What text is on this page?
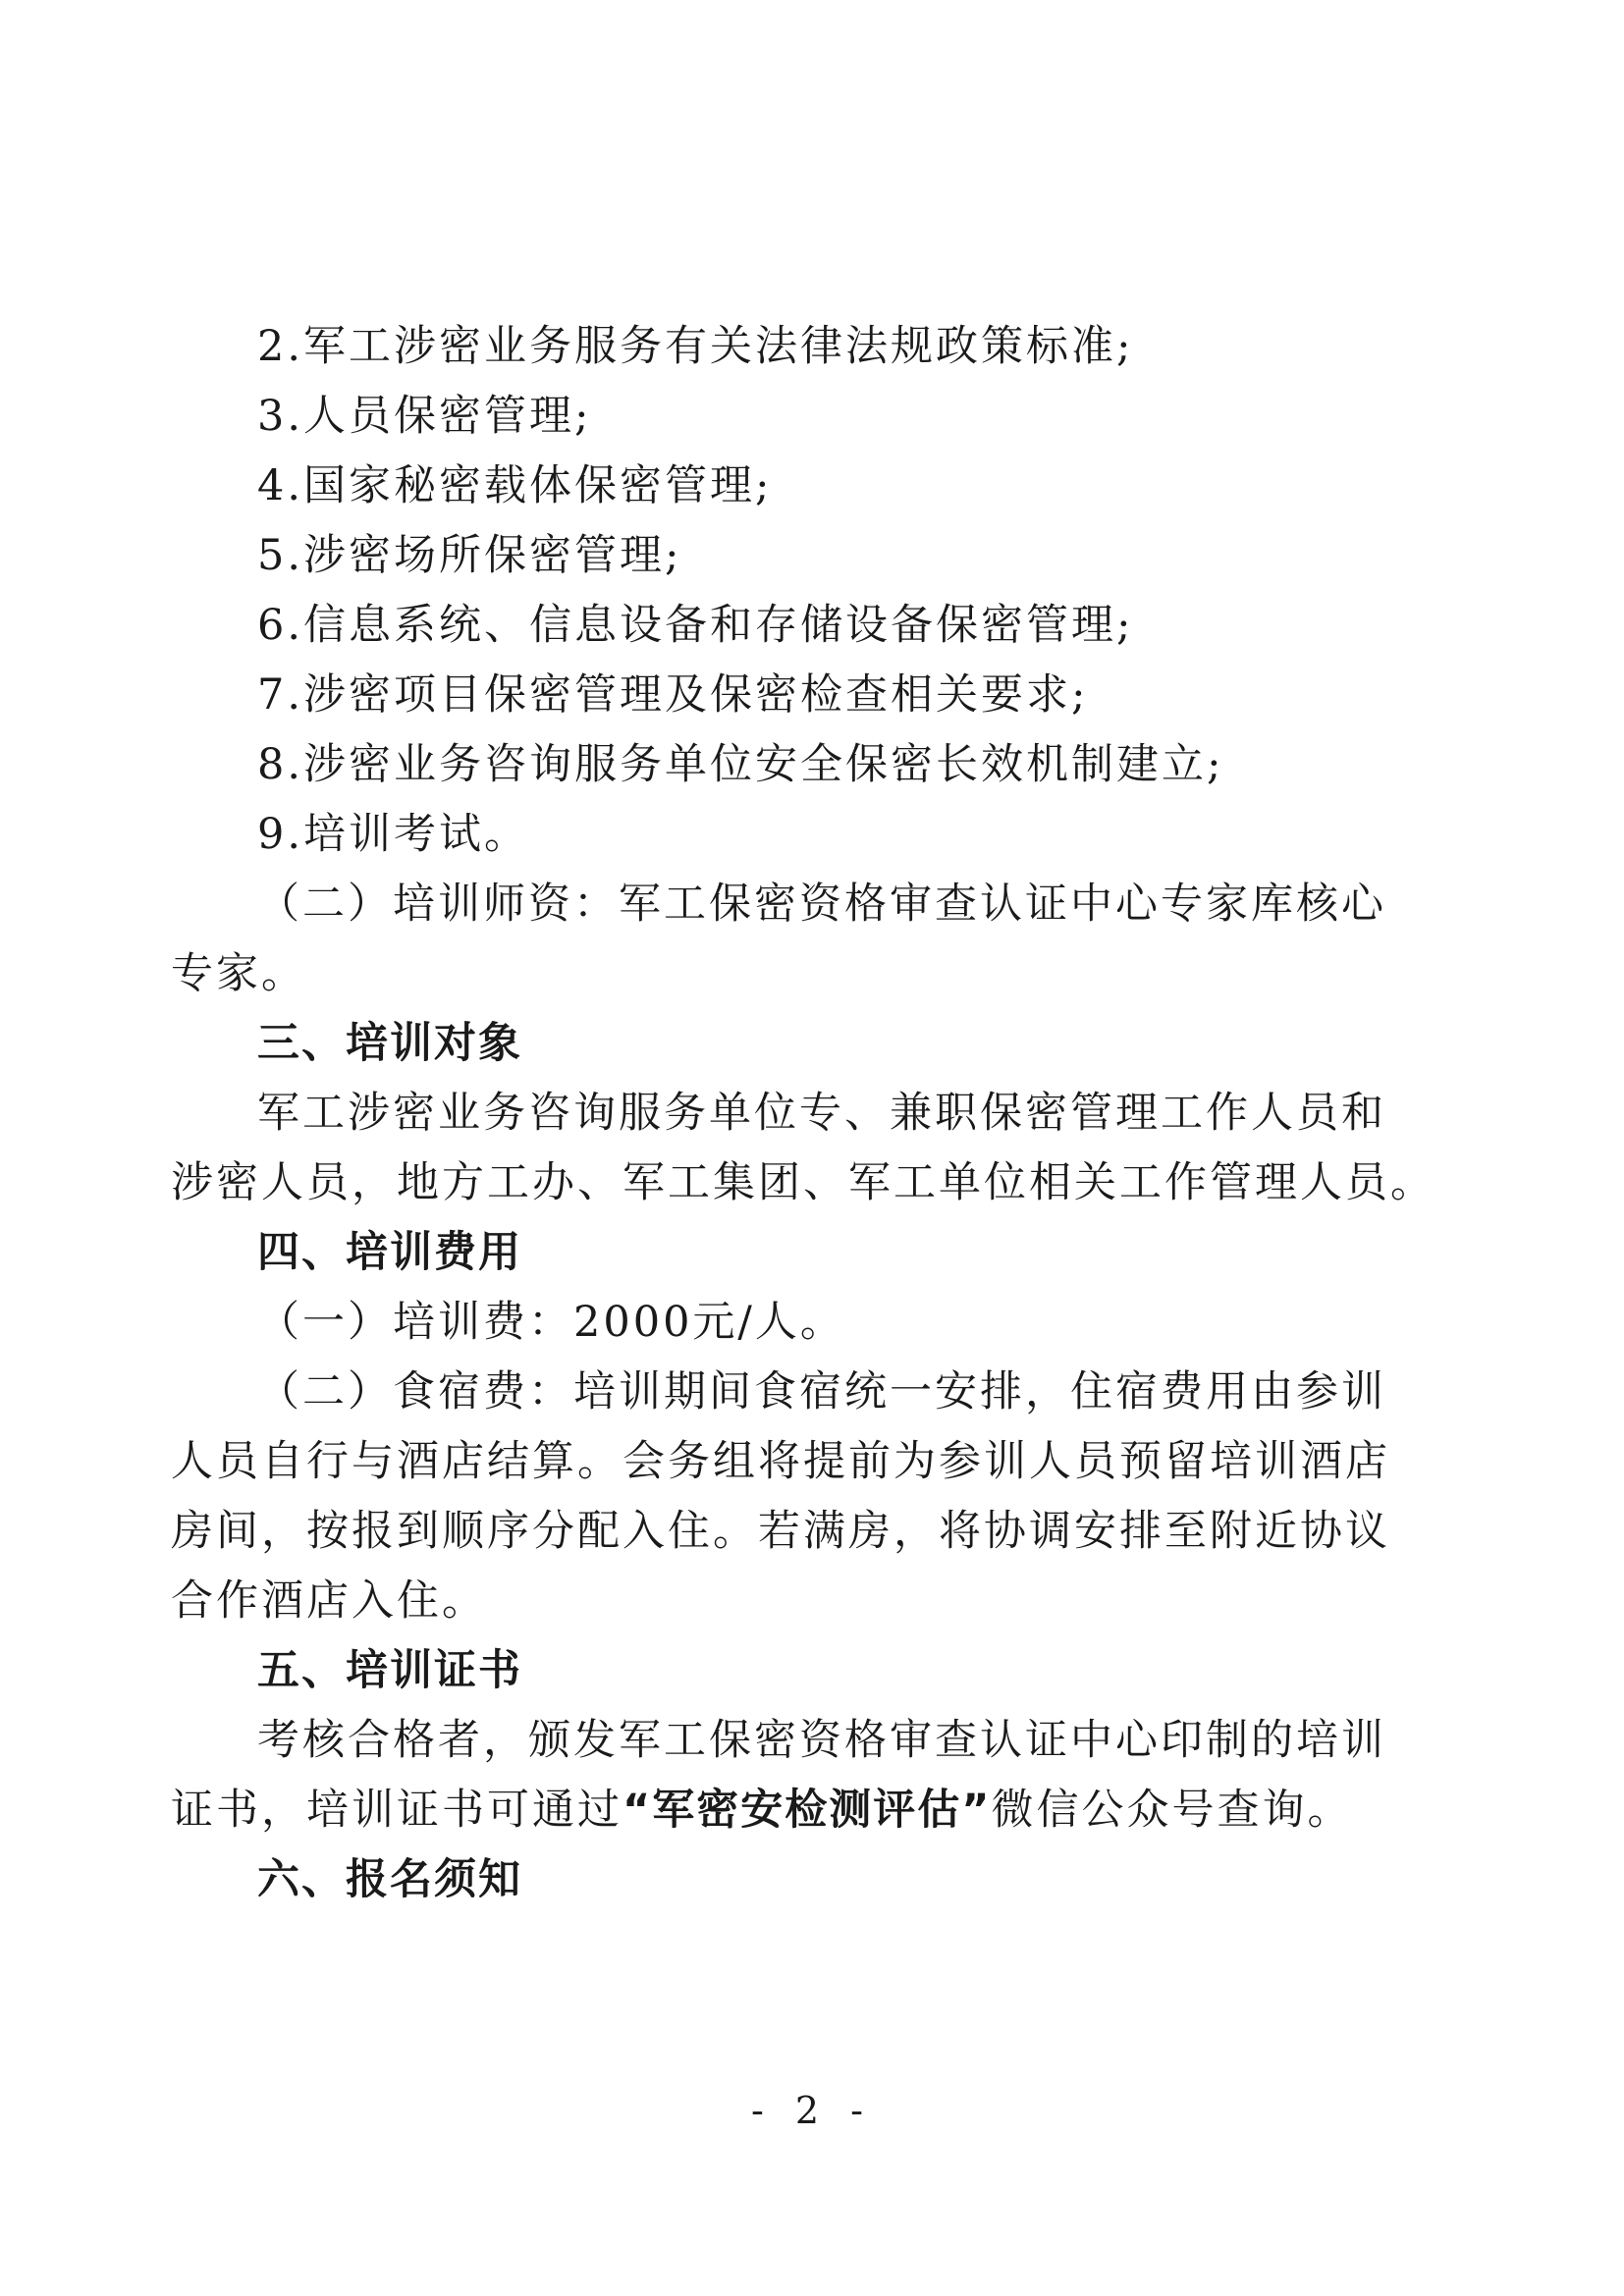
2.军工涉密业务服务有关法律法规政策标准;
3.人员保密管理;
4.国家秘密载体保密管理;
5.涉密场所保密管理;
6.信息系统、信息设备和存储设备保密管理;
7.涉密项目保密管理及保密检查相关要求;
8.涉密业务咨询服务单位安全保密长效机制建立;
9.培训考试。
（二）培训师资：军工保密资格审查认证中心专家库核心
专家。
三、培训对象
军工涉密业务咨询服务单位专、兼职保密管理工作人员和
涉密人员，地方工办、军工集团、军工单位相关工作管理人员。
四、培训费用
（一）培训费：2000元/人。
（二）食宿费：培训期间食宿统一安排，住宿费用由参训
人员自行与酒店结算。会务组将提前为参训人员预留培训酒店
房间，按报到顺序分配入住。若满房，将协调安排至附近协议
合作酒店入住。
五、培训证书
考核合格者，颁发军工保密资格审查认证中心印制的培训
证书，培训证书可通过“军密安检测评估”微信公众号查询。
六、报名须知
- 2 -
